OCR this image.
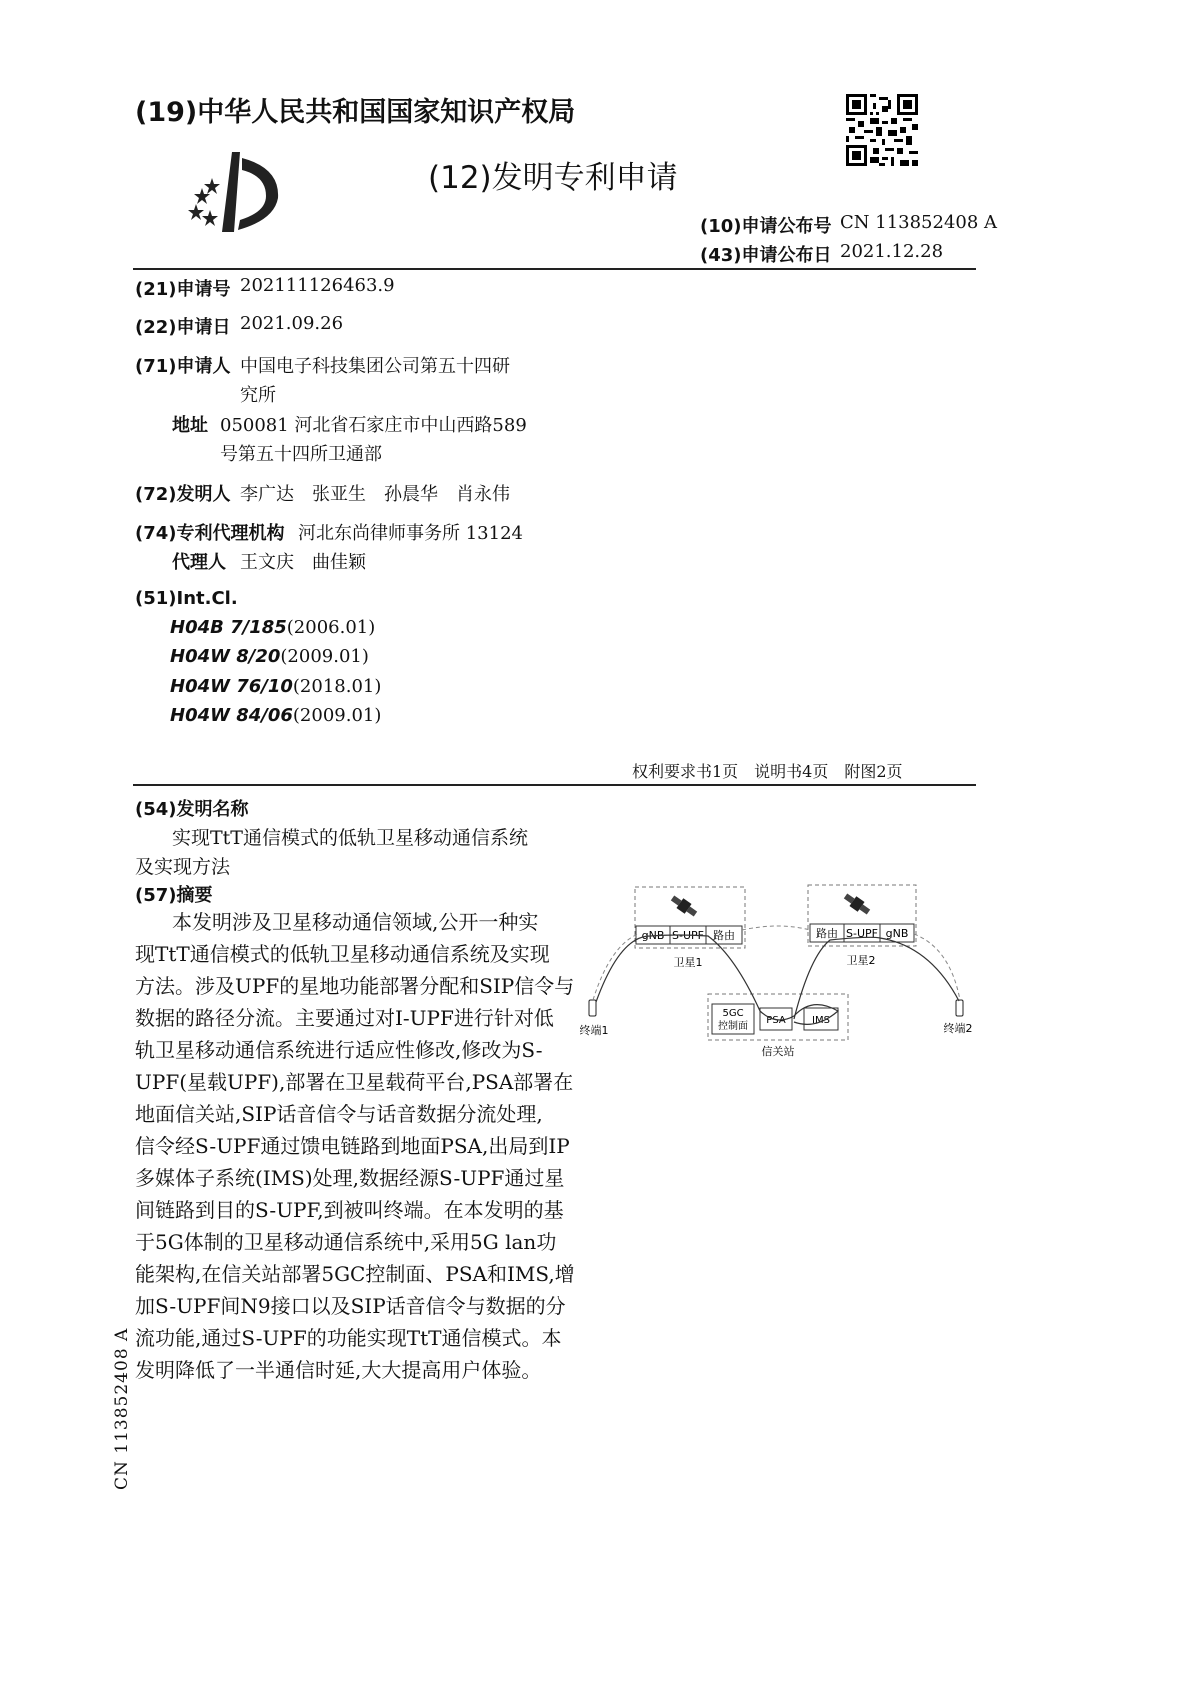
(19)中华人民共和国国家知识产权局
(12)发明专利申请
(10)申请公布号 CN 113852408 A
(43)申请公布日 2021.12.28
(21)申请号 202111126463.9
(22)申请日 2021.09.26
(71)申请人 中国电子科技集团公司第五十四研
究所
地址 050081 河北省石家庄市中山西路589
号第五十四所卫通部
(72)发明人 李广达　张亚生　孙晨华　肖永伟
(74)专利代理机构 河北东尚律师事务所 13124
代理人 王文庆　曲佳颖
(51)Int.Cl.
H04B 7/185(2006.01)
H04W 8/20(2009.01)
H04W 76/10(2018.01)
H04W 84/06(2009.01)
权利要求书1页　说明书4页　附图2页
(54)发明名称
实现TtT通信模式的低轨卫星移动通信系统
及实现方法
(57)摘要
本发明涉及卫星移动通信领域,公开一种实
现TtT通信模式的低轨卫星移动通信系统及实现
方法。涉及UPF的星地功能部署分配和SIP信令与
数据的路径分流。主要通过对I-UPF进行针对低
轨卫星移动通信系统进行适应性修改,修改为S-
UPF(星载UPF),部署在卫星载荷平台,PSA部署在
地面信关站,SIP话音信令与话音数据分流处理,
信令经S-UPF通过馈电链路到地面PSA,出局到IP
多媒体子系统(IMS)处理,数据经源S-UPF通过星
间链路到目的S-UPF,到被叫终端。在本发明的基
于5G体制的卫星移动通信系统中,采用5G lan功
能架构,在信关站部署5GC控制面、PSA和IMS,增
加S-UPF间N9接口以及SIP话音信令与数据的分
流功能,通过S-UPF的功能实现TtT通信模式。本
发明降低了一半通信时延,大大提高用户体验。
CN 113852408 A
gNB S-UPF 路由	路由 S-UPF gNB
卫星1	卫星2
5GC
控制面
PSA	IMS
信关站
终端1	终端2
